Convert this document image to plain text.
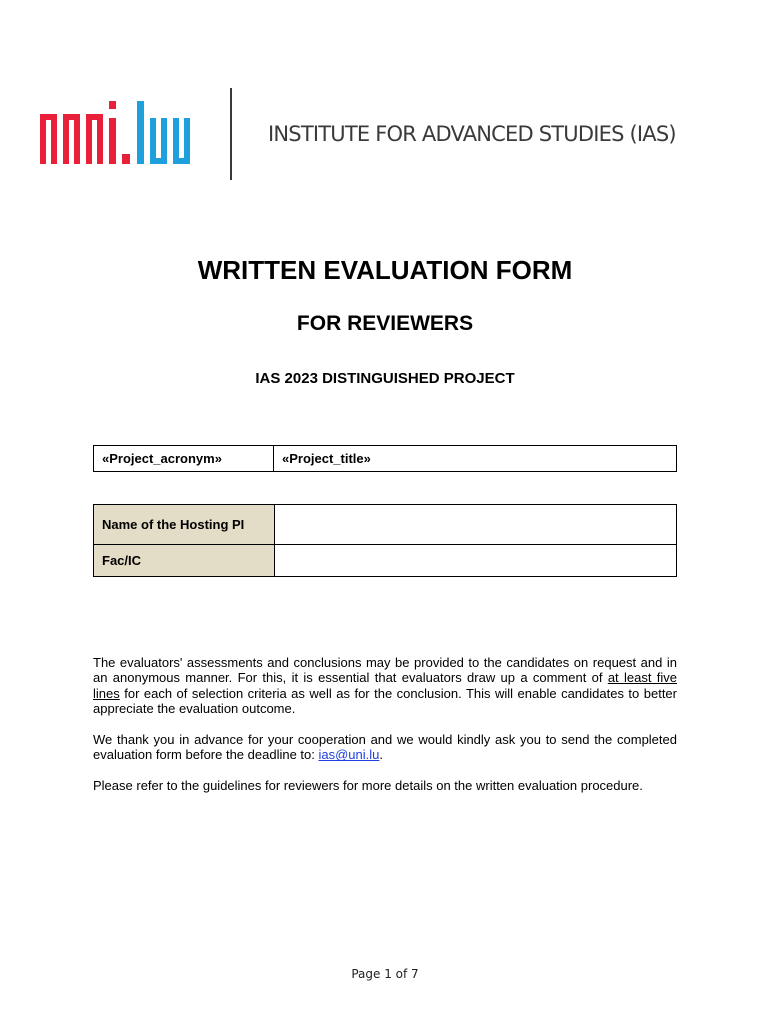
INSTITUTE FOR ADVANCED STUDIES (IAS)
WRITTEN EVALUATION FORM
FOR REVIEWERS
IAS 2023 DISTINGUISHED PROJECT
«Project_acronym»	«Project_title»
Name of the Hosting PI	
Fac/IC	
The evaluators' assessments and conclusions may be provided to the candidates on request and in an anonymous manner. For this, it is essential that evaluators draw up a comment of at least five lines for each of selection criteria as well as for the conclusion. This will enable candidates to better appreciate the evaluation outcome.
We thank you in advance for your cooperation and we would kindly ask you to send the completed evaluation form before the deadline to: ias@uni.lu.
Please refer to the guidelines for reviewers for more details on the written evaluation procedure.
Page 1 of 7
